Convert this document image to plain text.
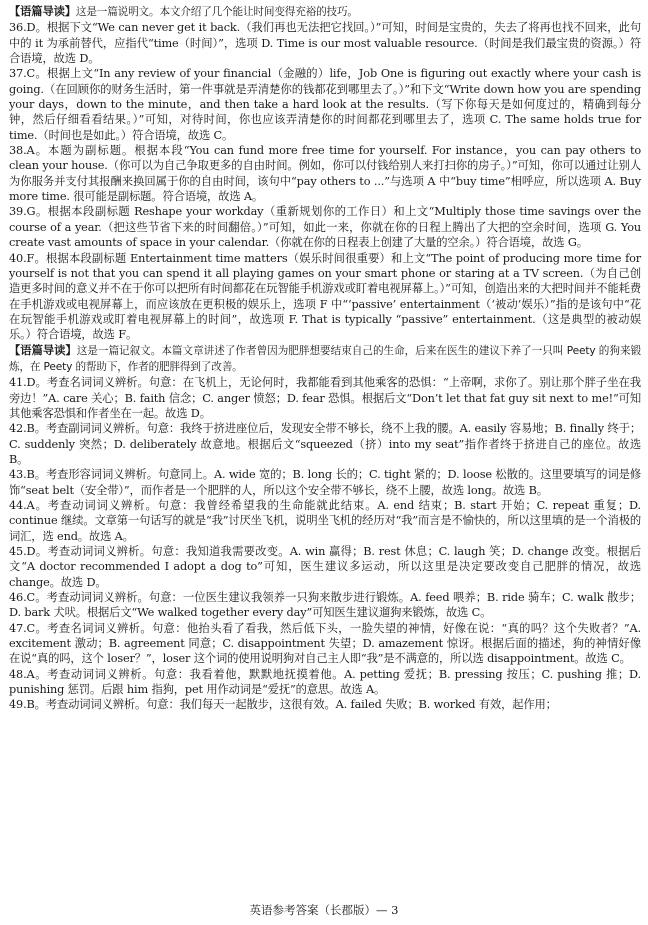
【语篇导读】这是一篇说明文。本文介绍了几个能让时间变得充裕的技巧。

36.D。根据下文“We can never get it back.（我们再也无法把它找回。）”可知，时间是宝贵的，失去了将再也找不回来，此句中的 it 为承前替代，应指代“time（时间）”，选项 D. Time is our most valuable resource.（时间是我们最宝贵的资源。）符合语境，故选 D。

37.C。根据上文“In any review of your financial（金融的）life，Job One is figuring out exactly where your cash is going.（在回顾你的财务生活时，第一件事就是弄清楚你的钱都花到哪里去了。）”和下文“Write down how you are spending your days，down to the minute，and then take a hard look at the results.（写下你每天是如何度过的，精确到每分钟，然后仔细看看结果。）”可知，对待时间，你也应该弄清楚你的时间都花到哪里去了，选项 C. The same holds true for time.（时间也是如此。）符合语境，故选 C。

38.A。本题为副标题。根据本段“You can fund more free time for yourself. For instance，you can pay others to clean your house.（你可以为自己争取更多的自由时间。例如，你可以付钱给别人来打扫你的房子。）”可知，你可以通过让别人为你服务并支付其报酬来换回属于你的自由时间，该句中“pay others to ...”与选项 A 中“buy time”相呼应，所以选项 A. Buy more time. 很可能是副标题。符合语境，故选 A。

39.G。根据本段副标题 Reshape your workday（重新规划你的工作日）和上文“Multiply those time savings over the course of a year.（把这些节省下来的时间翻倍。）”可知，如此一来，你就在你的日程上腾出了大把的空余时间，选项 G. You create vast amounts of space in your calendar.（你就在你的日程表上创建了大量的空余。）符合语境，故选 G。

40.F。根据本段副标题 Entertainment time matters（娱乐时间很重要）和上文“The point of producing more time for yourself is not that you can spend it all playing games on your smart phone or staring at a TV screen.（为自己创造更多时间的意义并不在于你可以把所有时间都花在玩智能手机游戏或盯着电视屏幕上。）”可知，创造出来的大把时间并不能耗费在手机游戏或电视屏幕上，而应该放在更积极的娱乐上，选项 F 中“‘passive’ entertainment（‘被动’娱乐）”指的是该句中“花在玩智能手机游戏或盯着电视屏幕上的时间”，故选项 F. That is typically “passive” entertainment.（这是典型的被动娱乐。）符合语境，故选 F。

【语篇导读】这是一篇记叙文。本篇文章讲述了作者曾因为肥胖想要结束自己的生命，后来在医生的建议下养了一只叫 Peety 的狗来锻炼，在 Peety 的帮助下，作者的肥胖得到了改善。

41.D。考查名词词义辨析。句意：在飞机上，无论何时，我都能看到其他乘客的恐惧：“上帝啊，求你了。别让那个胖子坐在我旁边！”A. care 关心；B. faith 信念；C. anger 愤怒；D. fear 恐惧。根据后文“Don’t let that fat guy sit next to me!”可知其他乘客恐惧和作者坐在一起。故选 D。

42.B。考查副词词义辨析。句意：我终于挤进座位后，发现安全带不够长，绕不上我的腰。A. easily 容易地；B. finally 终于；C. suddenly 突然；D. deliberately 故意地。根据后文“squeezed（挤）into my seat”指作者终于挤进自己的座位。故选 B。

43.B。考查形容词词义辨析。句意同上。A. wide 宽的；B. long 长的；C. tight 紧的；D. loose 松散的。这里要填写的词是修饰“seat belt（安全带）”，而作者是一个肥胖的人，所以这个安全带不够长，绕不上腰，故选 long。故选 B。

44.A。考查动词词义辨析。句意：我曾经希望我的生命能就此结束。A. end 结束；B. start 开始；C. repeat 重复；D. continue 继续。文章第一句话写的就是“我”讨厌坐飞机，说明坐飞机的经历对“我”而言是不愉快的，所以这里填的是一个消极的词汇，选 end。故选 A。

45.D。考查动词词义辨析。句意：我知道我需要改变。A. win 赢得；B. rest 休息；C. laugh 笑；D. change 改变。根据后文“A doctor recommended I adopt a dog to”可知，医生建议多运动，所以这里是决定要改变自己肥胖的情况，故选 change。故选 D。

46.C。考查动词词义辨析。句意：一位医生建议我领养一只狗来散步进行锻炼。A. feed 喂养；B. ride 骑车；C. walk 散步；D. bark 犬吠。根据后文“We walked together every day”可知医生建议遛狗来锻炼，故选 C。

47.C。考查名词词义辨析。句意：他抬头看了看我，然后低下头，一脸失望的神情，好像在说：“真的吗？这个失败者？”A. excitement 激动；B. agreement 同意；C. disappointment 失望；D. amazement 惊讶。根据后面的描述，狗的神情好像在说“真的吗，这个 loser？”，loser 这个词的使用说明狗对自己主人即“我”是不满意的，所以选 disappointment。故选 C。

48.A。考查动词词义辨析。句意：我看着他，默默地抚摸着他。A. petting 爱抚；B. pressing 按压；C. pushing 推；D. punishing 惩罚。后跟 him 指狗，pet 用作动词是“爱抚”的意思。故选 A。

49.B。考查动词词义辨析。句意：我们每天一起散步，这很有效。A. failed 失败；B. worked 有效，起作用；

英语参考答案（长郡版）— 3
